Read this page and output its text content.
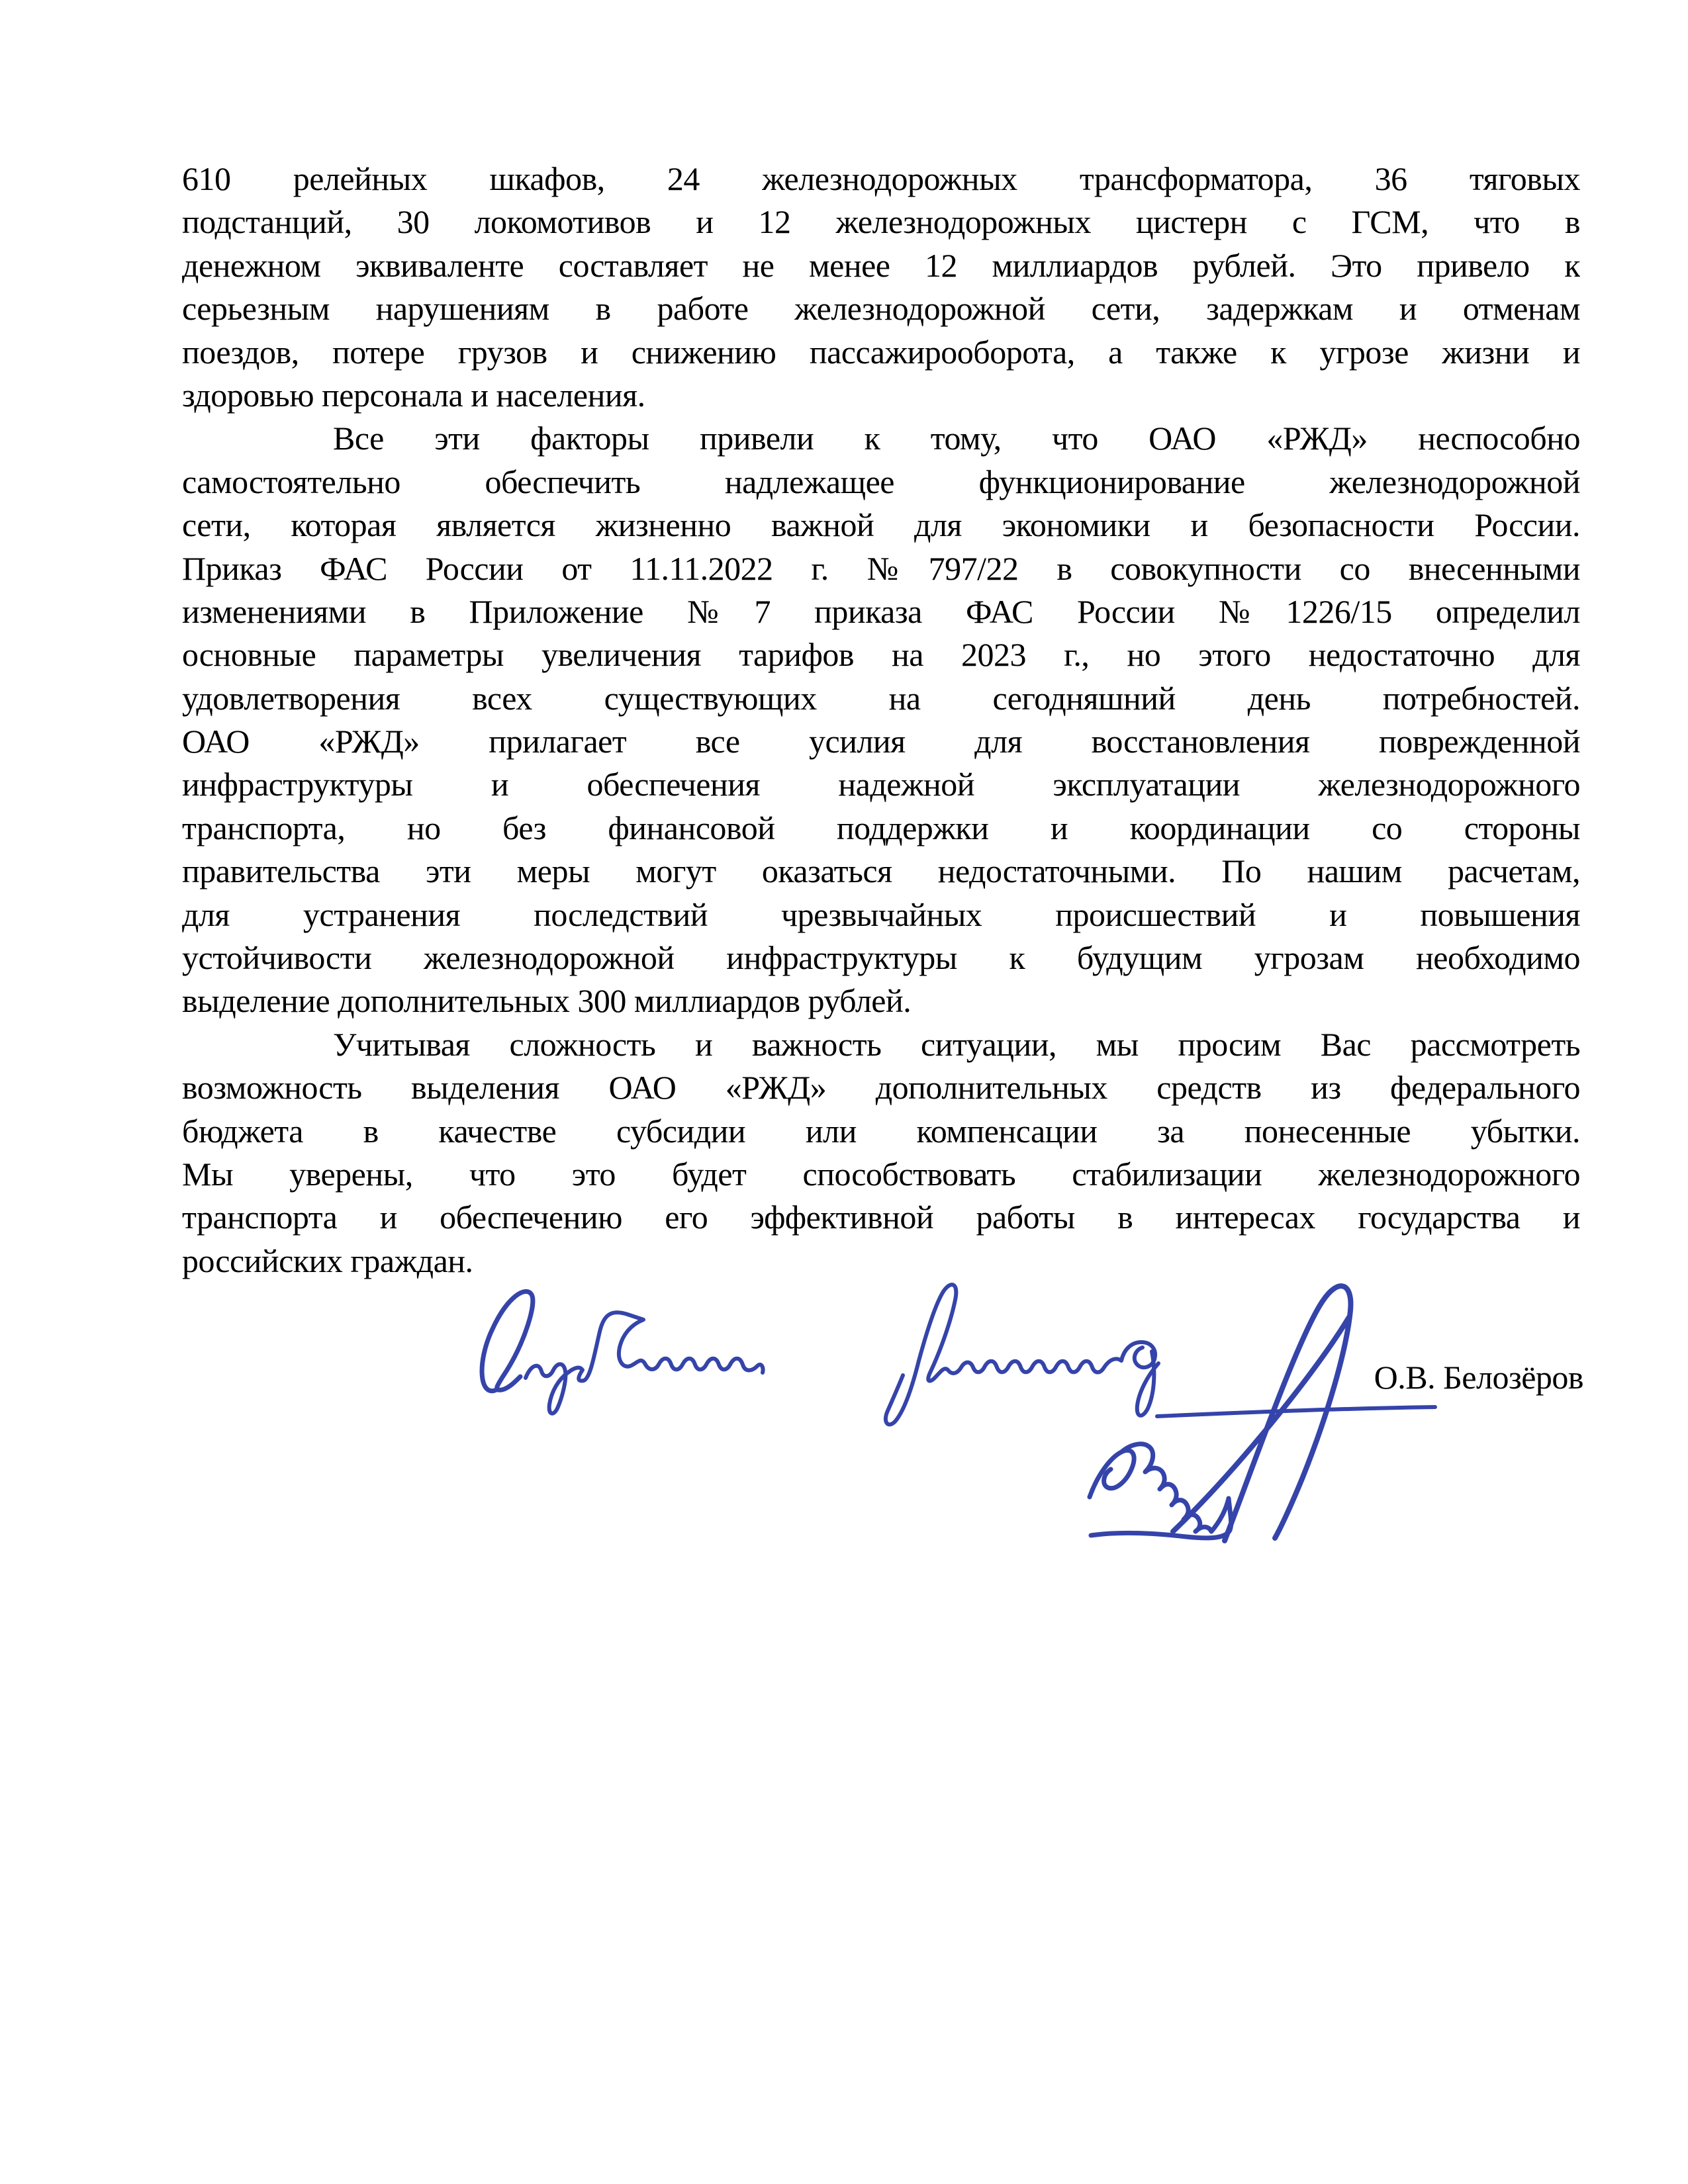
610 релейных шкафов, 24 железнодорожных трансформатора, 36 тяговых
подстанций, 30 локомотивов и 12 железнодорожных цистерн с ГСМ, что в
денежном эквиваленте составляет не менее 12 миллиардов рублей. Это привело к
серьезным нарушениям в работе железнодорожной сети, задержкам и отменам
поездов, потере грузов и снижению пассажирооборота, а также к угрозе жизни и
здоровью персонала и населения.
Все эти факторы привели к тому, что ОАО «РЖД» неспособно
самостоятельно обеспечить надлежащее функционирование железнодорожной
сети, которая является жизненно важной для экономики и безопасности России.
Приказ ФАС России от 11.11.2022 г. №797/22 в совокупности со внесенными
изменениями в Приложение №7 приказа ФАС России №1226/15 определил
основные параметры увеличения тарифов на 2023 г., но этого недостаточно для
удовлетворения всех существующих на сегодняшний день потребностей.
ОАО «РЖД» прилагает все усилия для восстановления поврежденной
инфраструктуры и обеспечения надежной эксплуатации железнодорожного
транспорта, но без финансовой поддержки и координации со стороны
правительства эти меры могут оказаться недостаточными. По нашим расчетам,
для устранения последствий чрезвычайных происшествий и повышения
устойчивости железнодорожной инфраструктуры к будущим угрозам необходимо
выделение дополнительных 300 миллиардов рублей.
Учитывая сложность и важность ситуации, мы просим Вас рассмотреть
возможность выделения ОАО «РЖД» дополнительных средств из федерального
бюджета в качестве субсидии или компенсации за понесенные убытки.
Мы уверены, что это будет способствовать стабилизации железнодорожного
транспорта и обеспечению его эффективной работы в интересах государства и
российских граждан.
О.В. Белозёров
